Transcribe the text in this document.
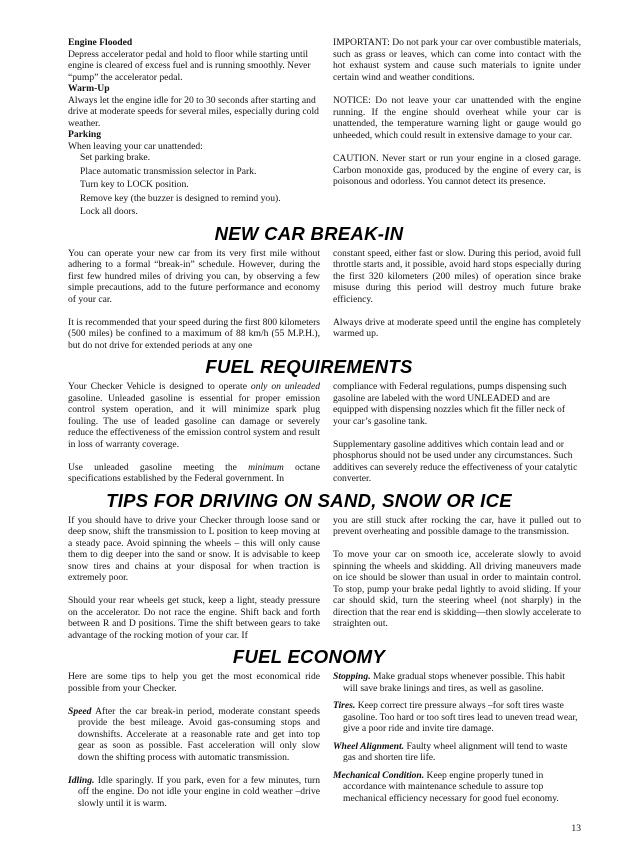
Engine Flooded

Depress accelerator pedal and hold to floor while starting until engine is cleared of excess fuel and is running smoothly. Never “pump” the accelerator pedal.

Warm-Up

Always let the engine idle for 20 to 30 seconds after starting and drive at moderate speeds for several miles, especially during cold weather.

Parking

When leaving your car unattended:

Set parking brake.

Place automatic transmission selector in Park.

Turn key to LOCK position.

Remove key (the buzzer is designed to remind you).

Lock all doors.

IMPORTANT: Do not park your car over combustible materials, such as grass or leaves, which can come into contact with the hot exhaust system and cause such materials to ignite under certain wind and weather conditions.

NOTICE: Do not leave your car unattended with the engine running. If the engine should overheat while your car is unattended, the temperature warning light or gauge would go unheeded, which could result in extensive damage to your car.

CAUTION. Never start or run your engine in a closed garage. Carbon monoxide gas, produced by the engine of every car, is poisonous and odorless. You cannot detect its presence.

NEW CAR BREAK-IN

You can operate your new car from its very first mile without adhering to a formal “break-in” schedule. However, during the first few hundred miles of driving you can, by observing a few simple precautions, add to the future performance and economy of your car.

It is recommended that your speed during the first 800 kilometers (500 miles) be confined to a maximum of 88 km/h (55 M.P.H.), but do not drive for extended periods at any one

constant speed, either fast or slow. During this period, avoid full throttle starts and, it possible, avoid hard stops especially during the first 320 kilometers (200 miles) of operation since brake misuse during this period will destroy much future brake efficiency.

Always drive at moderate speed until the engine has completely warmed up.

FUEL REQUIREMENTS

Your Checker Vehicle is designed to operate only on unleaded gasoline. Unleaded gasoline is essential for proper emission control system operation, and it will minimize spark plug fouling. The use of leaded gasoline can damage or severely reduce the effectiveness of the emission control system and result in loss of warranty coverage.

Use unleaded gasoline meeting the minimum octane specifications established by the Federal government. In

compliance with Federal regulations, pumps dispensing such gasoline are labeled with the word UNLEADED and are equipped with dispensing nozzles which fit the filler neck of your car’s gasoline tank.

Supplementary gasoline additives which contain lead and or phosphorus should not be used under any circumstances. Such additives can severely reduce the effectiveness of your catalytic converter.

TIPS FOR DRIVING ON SAND, SNOW OR ICE

If you should have to drive your Checker through loose sand or deep snow, shift the transmission to L position to keep moving at a steady pace. Avoid spinning the wheels – this will only cause them to dig deeper into the sand or snow. It is advisable to keep snow tires and chains at your disposal for when traction is extremely poor.

Should your rear wheels get stuck, keep a light, steady pressure on the accelerator. Do not race the engine. Shift back and forth between R and D positions. Time the shift between gears to take advantage of the rocking motion of your car. If

you are still stuck after rocking the car, have it pulled out to prevent overheating and possible damage to the transmission.

To move your car on smooth ice, accelerate slowly to avoid spinning the wheels and skidding. All driving maneuvers made on ice should be slower than usual in order to maintain control. To stop, pump your brake pedal lightly to avoid sliding. If your car should skid, turn the steering wheel (not sharply) in the direction that the rear end is skidding—then slowly accelerate to straighten out.

FUEL ECONOMY

Here are some tips to help you get the most economical ride possible from your Checker.

Speed After the car break-in period, moderate constant speeds provide the best mileage. Avoid gas-consuming stops and downshifts. Accelerate at a reasonable rate and get into top gear as soon as possible. Fast acceleration will only slow down the shifting process with automatic transmission.

Idling. Idle sparingly. If you park, even for a few minutes, turn off the engine. Do not idle your engine in cold weather –drive slowly until it is warm.

Stopping. Make gradual stops whenever possible. This habit will save brake linings and tires, as well as gasoline.

Tires. Keep correct tire pressure always –for soft tires waste gasoline. Too hard or too soft tires lead to uneven tread wear, give a poor ride and invite tire damage.

Wheel Alignment. Faulty wheel alignment will tend to waste gas and shorten tire life.

Mechanical Condition. Keep engine properly tuned in accordance with maintenance schedule to assure top mechanical efficiency necessary for good fuel economy.

13
